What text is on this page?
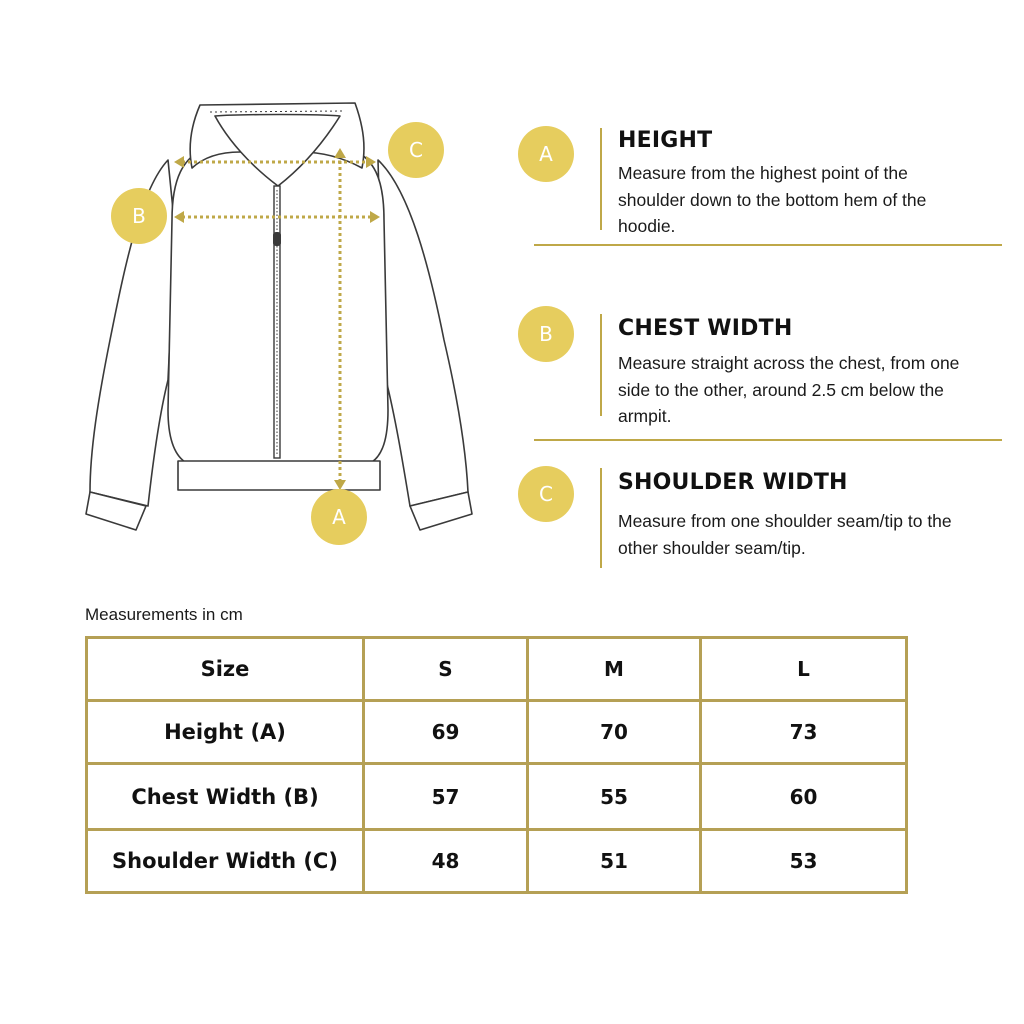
C
B
A
A
HEIGHT

Measure from the highest point of the
shoulder down to the bottom hem of the
hoodie.

B	CHEST WIDTH

Measure straight across the chest, from one
side to the other, around 2.5 cm below the
armpit.

C	SHOULDER WIDTH

Measure from one shoulder seam/tip to the
other shoulder seam/tip.

Measurements in cm
Size	S	M	L
Height (A)	69	70	73
Chest Width (B)	57	55	60
Shoulder Width (C)	48	51	53
